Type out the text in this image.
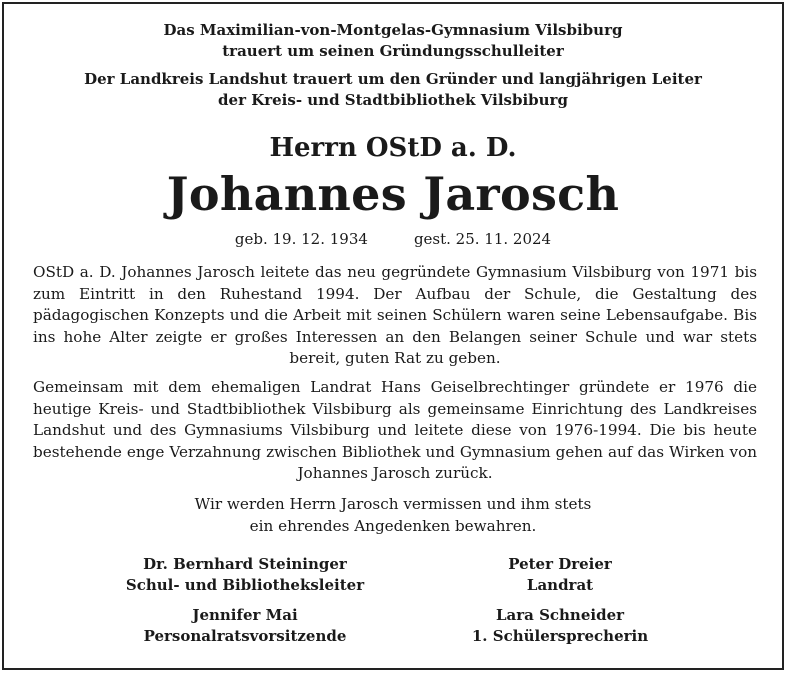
Das Maximilian-von-Montgelas-Gymnasium Vilsbiburg
trauert um seinen Gründungsschulleiter
Der Landkreis Landshut trauert um den Gründer und langjährigen Leiter
der Kreis- und Stadtbibliothek Vilsbiburg
Herrn OStD a. D.
Johannes Jarosch
geb. 19. 12. 1934	gest. 25. 11. 2024
OStD a. D. Johannes Jarosch leitete das neu gegründete Gymnasium Vilsbiburg von 1971 bis zum Eintritt in den Ruhestand 1994. Der Aufbau der Schule, die Gestaltung des pädagogischen Konzepts und die Arbeit mit seinen Schülern waren seine Lebensaufgabe. Bis ins hohe Alter zeigte er großes Interessen an den Belangen seiner Schule und war stets bereit, guten Rat zu geben.
Gemeinsam mit dem ehemaligen Landrat Hans Geiselbrechtinger gründete er 1976 die heutige Kreis- und Stadtbibliothek Vilsbiburg als gemeinsame Einrichtung des Landkreises Landshut und des Gymnasiums Vilsbiburg und leitete diese von 1976-1994. Die bis heute bestehende enge Verzahnung zwischen Bibliothek und Gymnasium gehen auf das Wirken von Johannes Jarosch zurück.
Wir werden Herrn Jarosch vermissen und ihm stets
ein ehrendes Angedenken bewahren.
Dr. Bernhard Steininger
Schul- und Bibliotheksleiter
Peter Dreier
Landrat
Jennifer Mai
Personalratsvorsitzende
Lara Schneider
1. Schülersprecherin
